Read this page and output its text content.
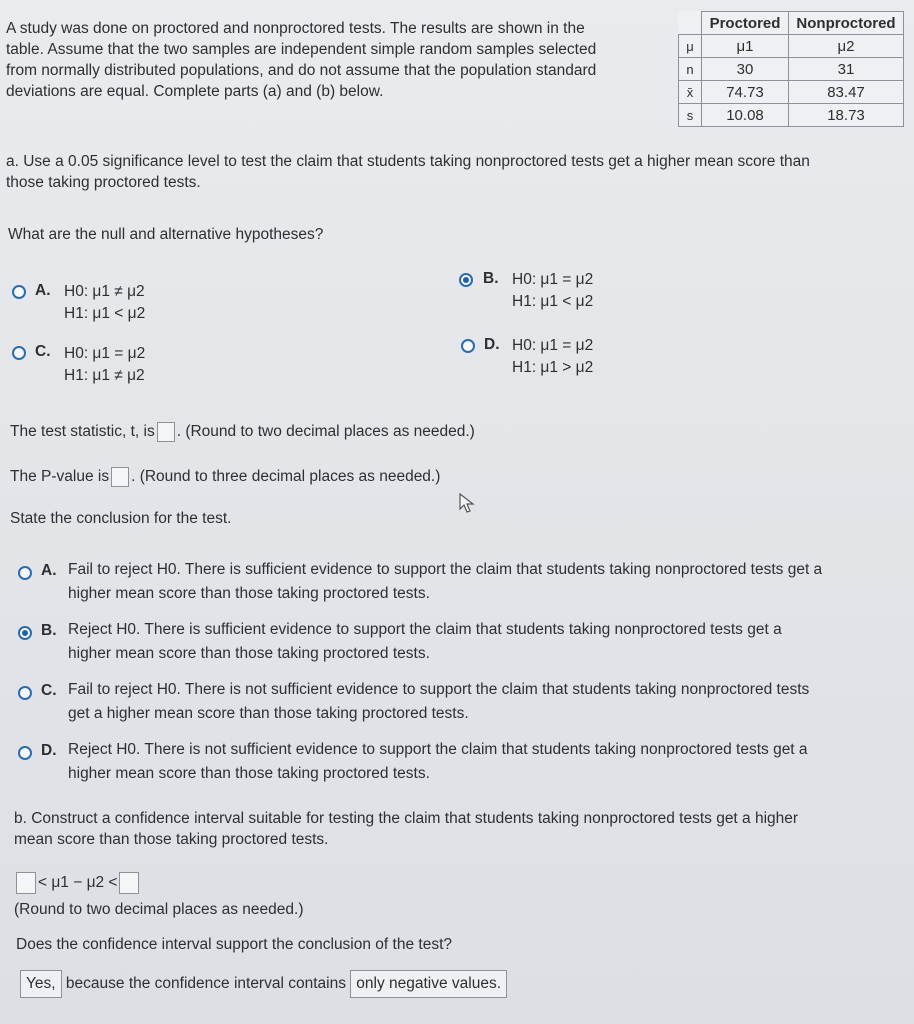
A study was done on proctored and nonproctored tests. The results are shown in the
table. Assume that the two samples are independent simple random samples selected
from normally distributed populations, and do not assume that the population standard
deviations are equal. Complete parts (a) and (b) below.
	Proctored	Nonproctored
μ	μ1	μ2
n	30	31
x̄	74.73	83.47
s	10.08	18.73
a. Use a 0.05 significance level to test the claim that students taking nonproctored tests get a higher mean score than
those taking proctored tests.
What are the null and alternative hypotheses?
A. H0: μ1 ≠ μ2
H1: μ1 < μ2
B. H0: μ1 = μ2
H1: μ1 < μ2
C. H0: μ1 = μ2
H1: μ1 ≠ μ2
D. H0: μ1 = μ2
H1: μ1 > μ2
The test statistic, t, is . (Round to two decimal places as needed.)
The P-value is . (Round to three decimal places as needed.)
State the conclusion for the test.
A. Fail to reject H0. There is sufficient evidence to support the claim that students taking nonproctored tests get a
higher mean score than those taking proctored tests.
B. Reject H0. There is sufficient evidence to support the claim that students taking nonproctored tests get a
higher mean score than those taking proctored tests.
C. Fail to reject H0. There is not sufficient evidence to support the claim that students taking nonproctored tests
get a higher mean score than those taking proctored tests.
D. Reject H0. There is not sufficient evidence to support the claim that students taking nonproctored tests get a
higher mean score than those taking proctored tests.
b. Construct a confidence interval suitable for testing the claim that students taking nonproctored tests get a higher
mean score than those taking proctored tests.
< μ1 − μ2 <
(Round to two decimal places as needed.)
Does the confidence interval support the conclusion of the test?
Yes, because the confidence interval contains only negative values.
